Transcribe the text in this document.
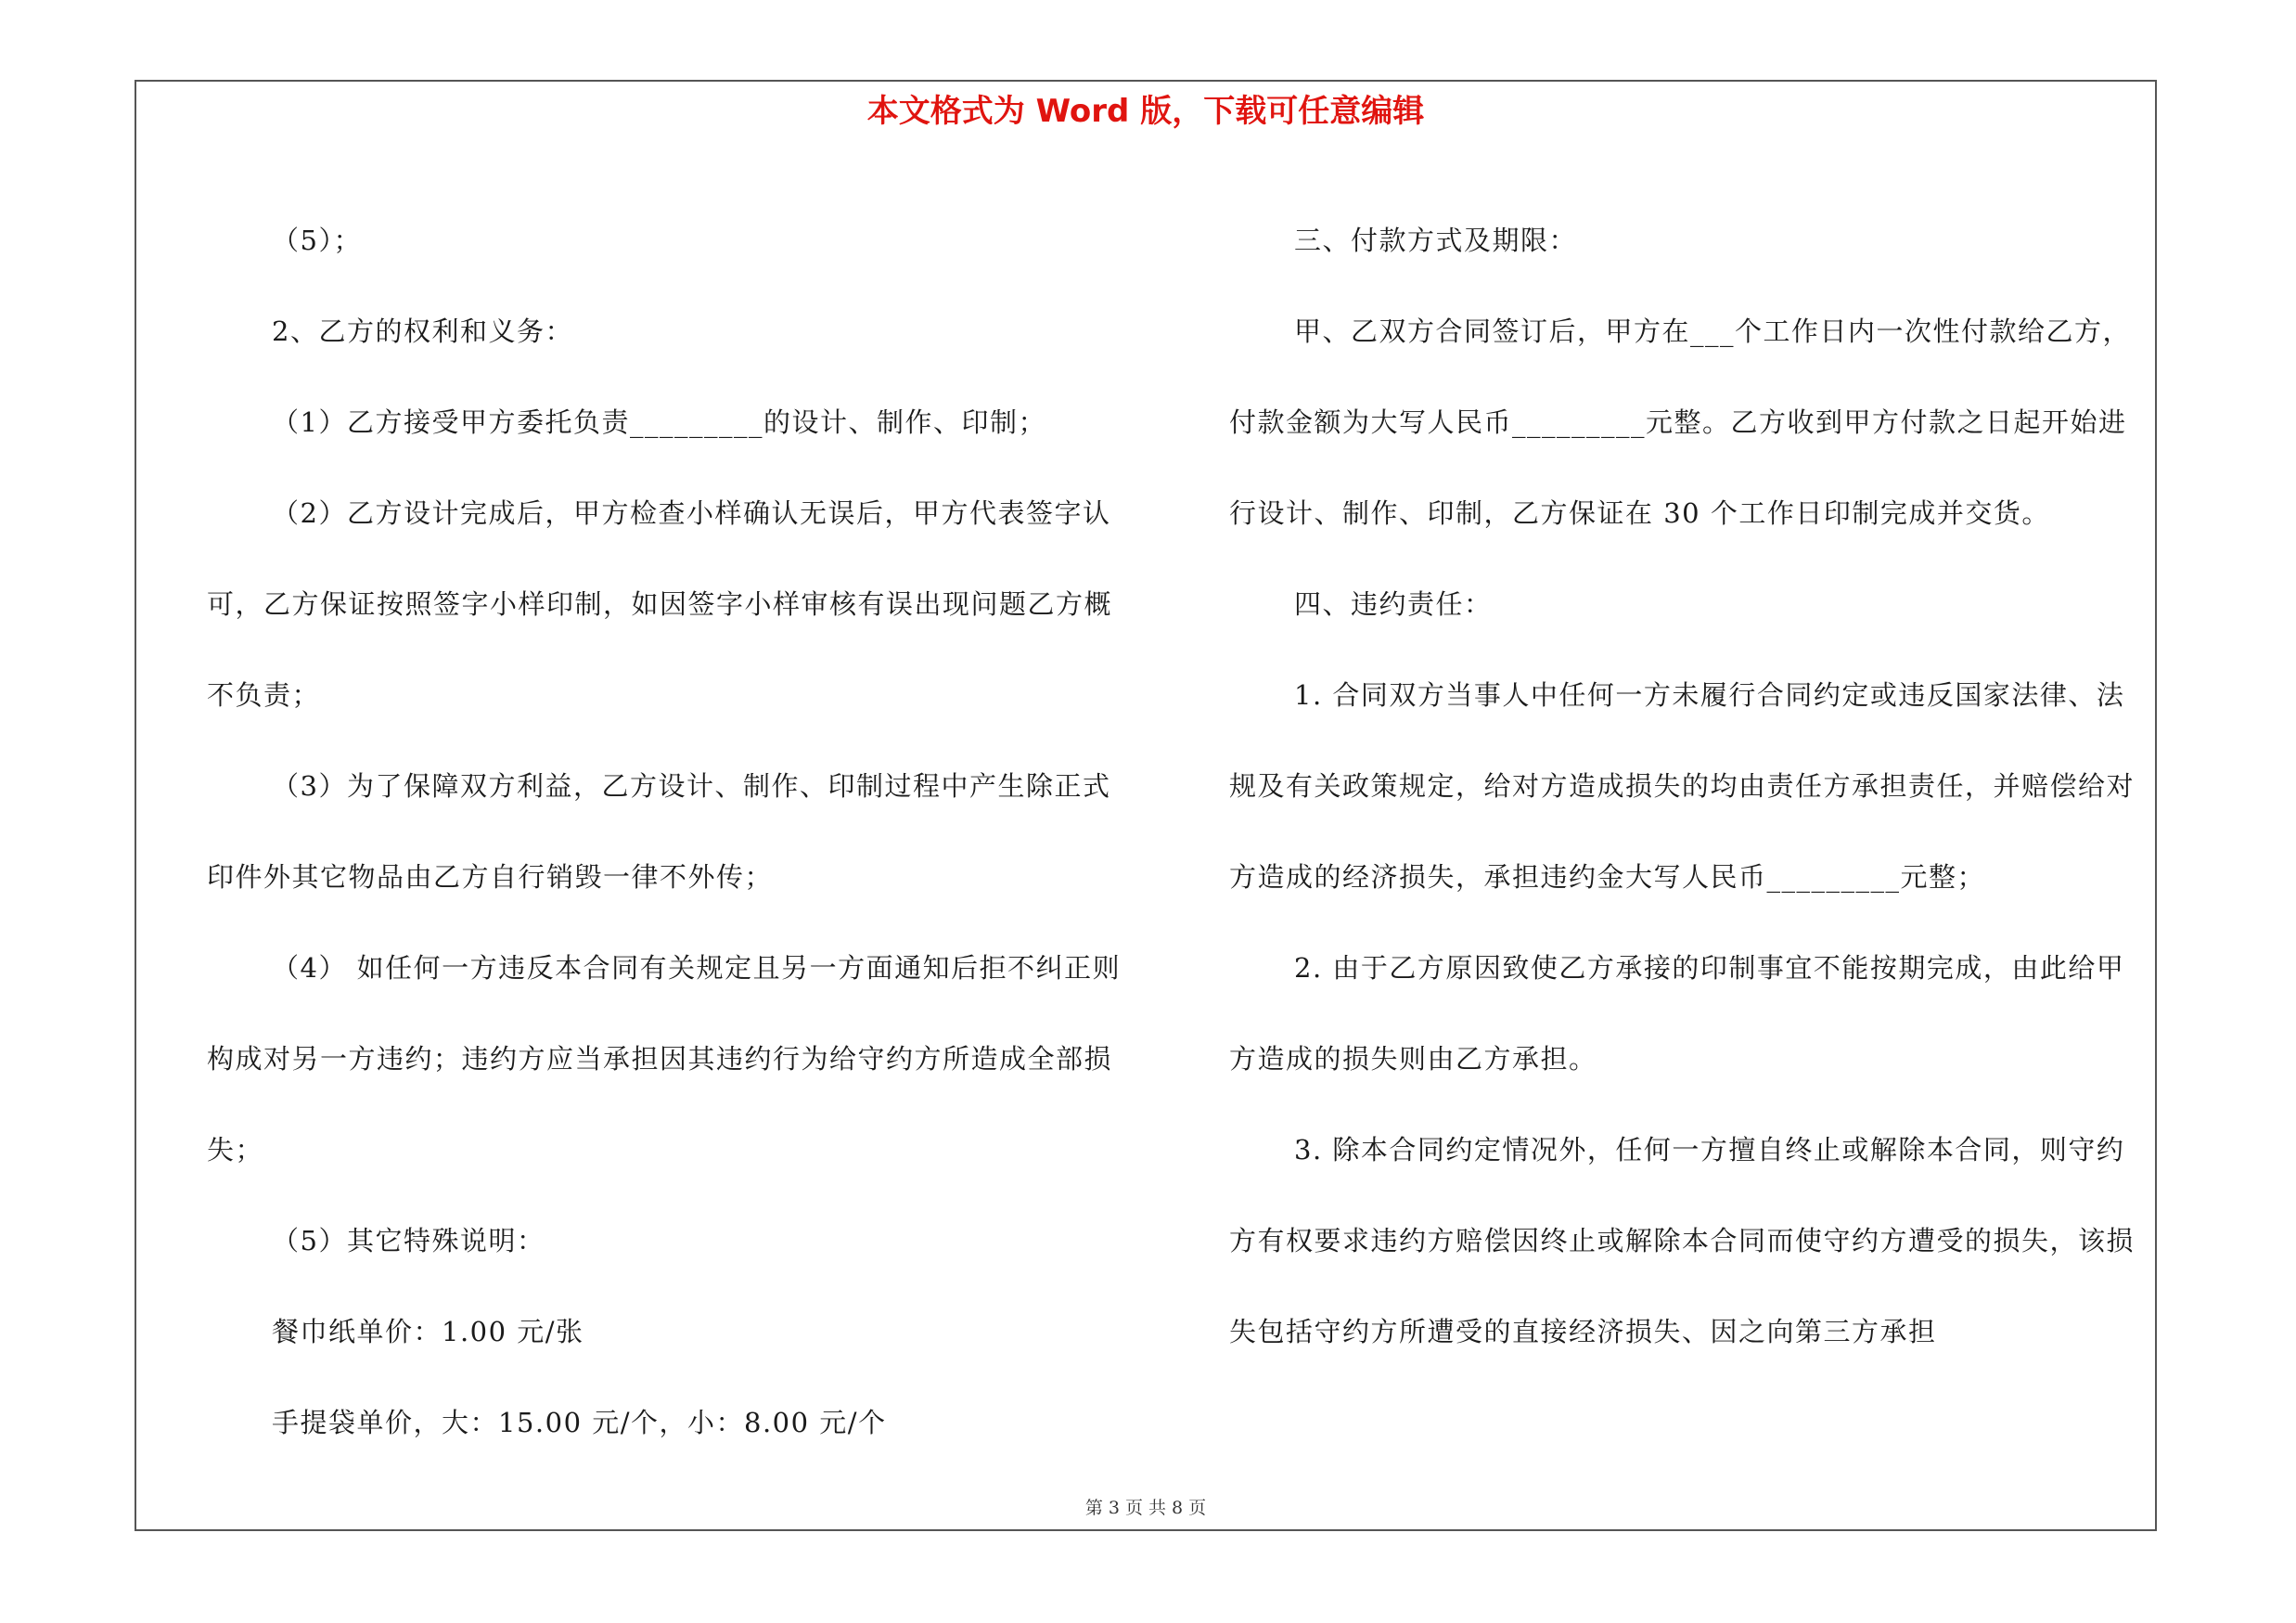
本文格式为 Word 版，下载可任意编辑

（5）；

2、乙方的权利和义务：

（1）乙方接受甲方委托负责_________的设计、制作、印制；

（2）乙方设计完成后，甲方检查小样确认无误后，甲方代表签字认可，乙方保证按照签字小样印制，如因签字小样审核有误出现问题乙方概不负责；

（3）为了保障双方利益，乙方设计、制作、印制过程中产生除正式印件外其它物品由乙方自行销毁一律不外传；

（4） 如任何一方违反本合同有关规定且另一方面通知后拒不纠正则构成对另一方违约；违约方应当承担因其违约行为给守约方所造成全部损失；

（5）其它特殊说明：

餐巾纸单价：1.00 元/张

手提袋单价，大：15.00 元/个，小：8.00 元/个

三、付款方式及期限：

甲、乙双方合同签订后，甲方在___个工作日内一次性付款给乙方，付款金额为大写人民币_________元整。乙方收到甲方付款之日起开始进行设计、制作、印制，乙方保证在 30 个工作日印制完成并交货。

四、违约责任：

1. 合同双方当事人中任何一方未履行合同约定或违反国家法律、法规及有关政策规定，给对方造成损失的均由责任方承担责任，并赔偿给对方造成的经济损失，承担违约金大写人民币_________元整；

2. 由于乙方原因致使乙方承接的印制事宜不能按期完成，由此给甲方造成的损失则由乙方承担。

3. 除本合同约定情况外，任何一方擅自终止或解除本合同，则守约方有权要求违约方赔偿因终止或解除本合同而使守约方遭受的损失，该损失包括守约方所遭受的直接经济损失、因之向第三方承担

第 3 页 共 8 页
